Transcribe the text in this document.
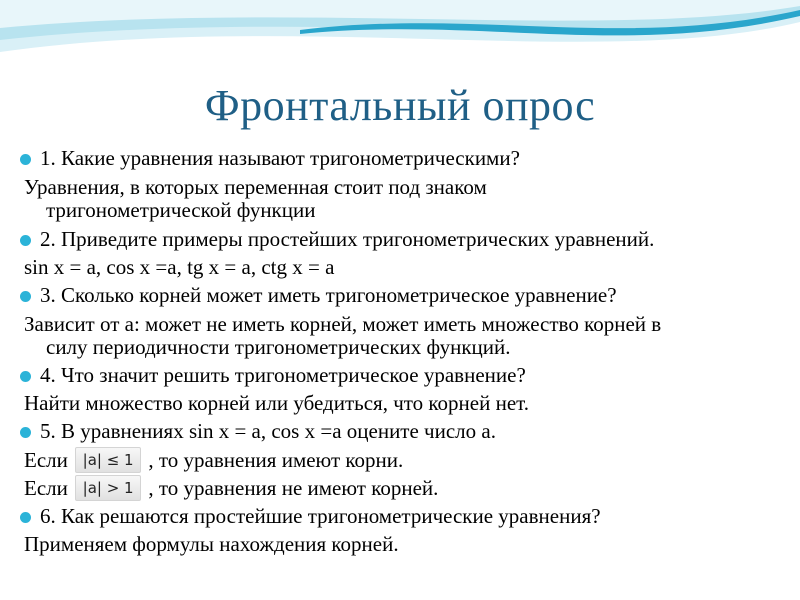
Фронтальный опрос
1. Какие уравнения называют тригонометрическими?
Уравнения, в которых переменная стоит под знаком
тригонометрической функции
2. Приведите примеры простейших тригонометрических уравнений.
sin x = a, cos x =a, tg x = a, ctg x = a
3. Сколько корней может иметь тригонометрическое уравнение?
Зависит от а: может не иметь корней, может иметь множество корней в
силу периодичности тригонометрических функций.
4. Что значит решить тригонометрическое уравнение?
Найти множество корней или убедиться, что корней нет.
5. В уравнениях sin x = a, cos x =a оцените число a.
Если |a| ≤ 1 , то уравнения имеют корни.
Если |a| > 1 , то уравнения не имеют корней.
6. Как решаются простейшие тригонометрические уравнения?
Применяем формулы нахождения корней.
